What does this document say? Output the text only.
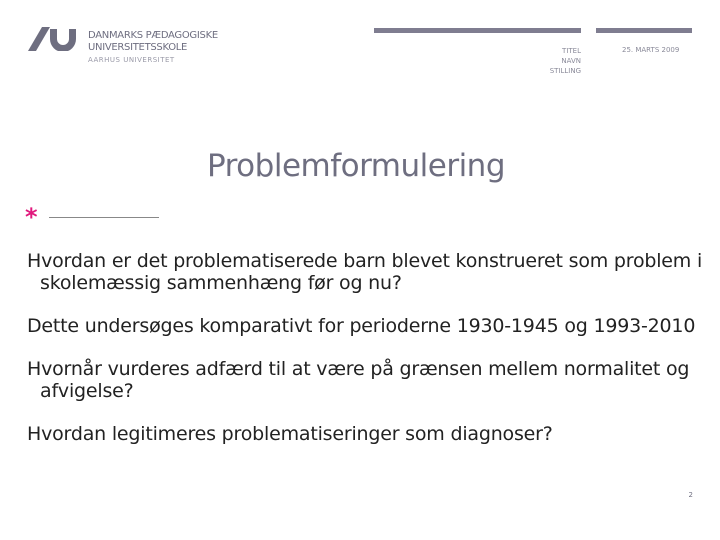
DANMARKS PÆDAGOGISKE
UNIVERSITETSSKOLE
AARHUS UNIVERSITET
TITEL
NAVN
STILLING
25. MARTS 2009
Problemformulering
*

Hvordan er det problematiserede barn blevet konstrueret som problem i skolemæssig sammenhæng før og nu?

Dette undersøges komparativt for perioderne 1930-1945 og 1993-2010

Hvornår vurderes adfærd til at være på grænsen mellem normalitet og afvigelse?

Hvordan legitimeres problematiseringer som diagnoser?

2
